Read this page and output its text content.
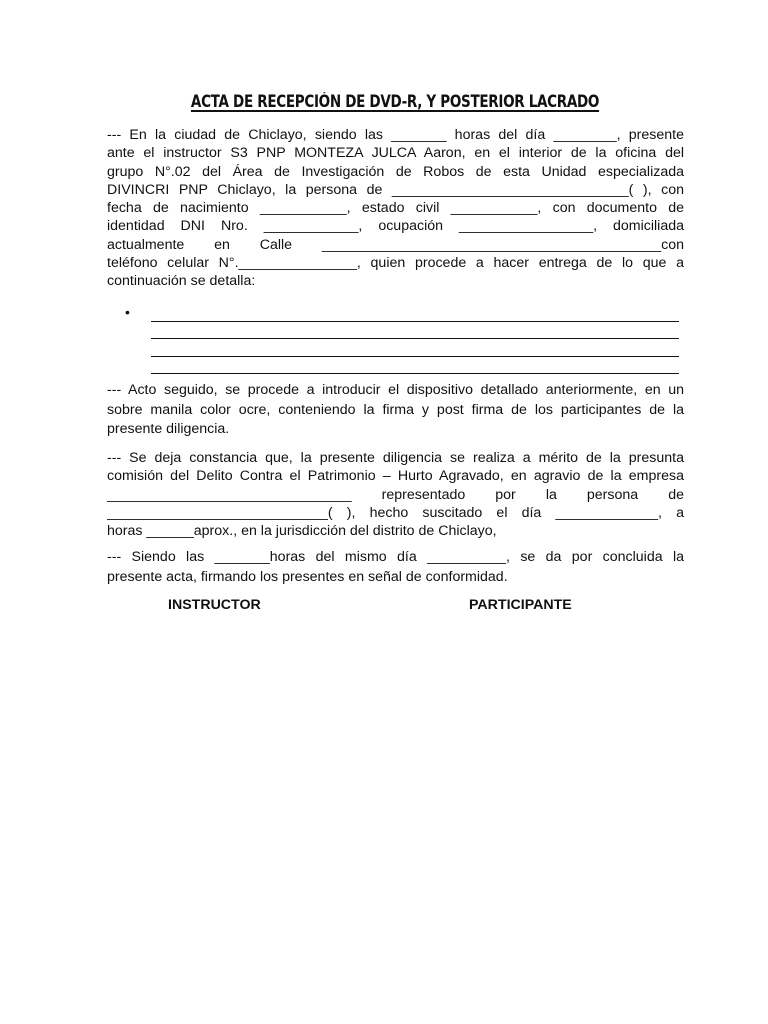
ACTA DE RECEPCIÓN DE DVD-R, Y POSTERIOR LACRADO
--- En la ciudad de Chiclayo, siendo las _______ horas del día ________, presente
ante el instructor S3 PNP MONTEZA JULCA Aaron, en el interior de la oficina del
grupo N°.02 del Área de Investigación de Robos de esta Unidad especializada
DIVINCRI PNP Chiclayo, la persona de ______________________________( ), con
fecha de nacimiento ___________, estado civil ___________, con documento de
identidad DNI Nro. ____________, ocupación _________________, domiciliada
actualmente en Calle ___________________________________________con
teléfono celular N°._______________, quien procede a hacer entrega de lo que a
continuación se detalla:
•
--- Acto seguido, se procede a introducir el dispositivo detallado anteriormente, en un
sobre manila color ocre, conteniendo la firma y post firma de los participantes de la
presente diligencia.
--- Se deja constancia que, la presente diligencia se realiza a mérito de la presunta
comisión del Delito Contra el Patrimonio – Hurto Agravado, en agravio de la empresa
_______________________________ representado por la persona de
____________________________( ), hecho suscitado el día _____________, a
horas ______aprox., en la jurisdicción del distrito de Chiclayo,
--- Siendo las _______horas del mismo día __________, se da por concluida la
presente acta, firmando los presentes en señal de conformidad.
INSTRUCTOR	PARTICIPANTE
